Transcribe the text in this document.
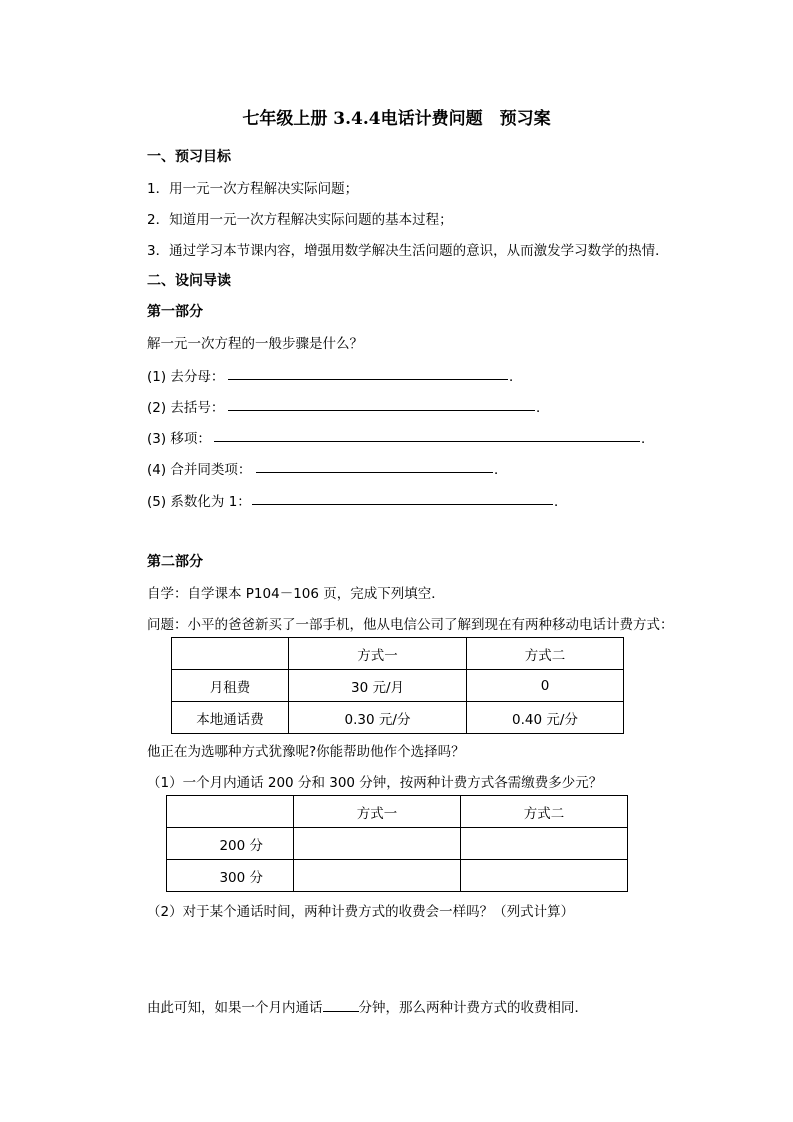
七年级上册 3.4.4电话计费问题　预习案
一、预习目标
1．用一元一次方程解决实际问题；
2．知道用一元一次方程解决实际问题的基本过程；
3．通过学习本节课内容，增强用数学解决生活问题的意识，从而激发学习数学的热情．
二、设问导读
第一部分
解一元一次方程的一般步骤是什么？
(1) 去分母：	．
(2) 去括号：	．
(3) 移项：	．
(4) 合并同类项：	．
(5) 系数化为 1：	．
第二部分
自学：自学课本 P104－106 页，完成下列填空．
问题：小平的爸爸新买了一部手机，他从电信公司了解到现在有两种移动电话计费方式：
	方式一	方式二
月租费	30 元/月	0
本地通话费	0.30 元/分	0.40 元/分
他正在为选哪种方式犹豫呢?你能帮助他作个选择吗？
（1）一个月内通话 200 分和 300 分钟，按两种计费方式各需缴费多少元？
	方式一	方式二
200 分		
300 分		
（2）对于某个通话时间，两种计费方式的收费会一样吗？（列式计算）
由此可知，如果一个月内通话	分钟，那么两种计费方式的收费相同．
